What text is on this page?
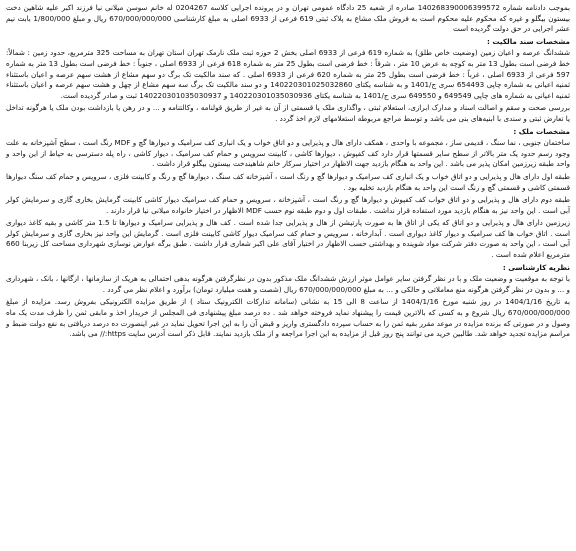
بموجب دادنامه شماره 140268390006399572 صادره از شعبه 25 دادگاه عمومی تهران و در پرونده اجرایی کلاسه 0204267 له خانم سوسن میلانی نیا فرزند اکبر علیه شاهین دخت بیستون بیگلو و غیره که محکوم علیه محکوم است به فروش ملک مشاع به پلاک ثبتی 619 فرعی از 6933 اصلی به مبلغ کارشناسی 670/000/000/000 ریال و مبلغ 1/800/000 بابت نیم عشر اجرایی در حق دولت گردیده است

مشخصات سند مالکیت :

ششدانگ عرصه و اعیان زمین (وضعیت خاص طلق) به شماره 619 فرعی از 6933 اصلی بخش 2 حوزه ثبت ملک نارمک تهران استان تهران به مساحت 325 مترمربع، حدود زمین : شمالاً: خط فرضی است بطول 13 متر به کوچه به عرض 10 متر ، شرقاً : خط فرضی است بطول 25 متر به شماره 618 فرعی از 6933 اصلی ، جنوباً : خط فرضی است بطول 13 متر به شماره 597 فرعی از 6933 اصلی ، غرباً : خط فرضی است بطول 25 متر به شماره 620 فرعی از 6933 اصلی . که سند مالکیت تک برگ دو سهم مشاع از هشت سهم عرصه و اعیان باستثناء ثمنیه اعیانی به شماره چاپی 654493 سری ج/1401 و به شناسه یکتای 140220301025032860 و دو سند مالکیت تک برگ سه سهم مشاع از چهل و هشت سهم عرصه و اعیان باستثناء ثمنیه اعیانی به شماره های چاپی 649549 و 649550 سری ج/1401 به شناسه یکتای 140220301035030936 و 140220301035030937 ثبت و صادر گردیده است.

بررسی صحت و سقم و اصالت اسناد و مدارک ابرازی، استعلام ثبتی ، واگذاری ملک یا قسمتی از آن به غیر از طریق قولنامه ، وکالتنامه و ... و در رهن یا بازداشت بودن ملک یا هرگونه تداخل یا تعارض ثبتی و سندی با ابنیه‌های بنی می باشد و توسط مراجع مربوطه استعلامهای لازم اخذ گردد .

مشخصات ملک :

ساختمان جنوبی ، نما سنگ ، قدیمی ساز ، مجموعه با واحدی ، همکف دارای هال و پذیرایی و دو اتاق خواب و یک انباری کف سرامیک و دیوارها گچ و MDF رنگ است ، سطح آشپزخانه به علت وجود رسم حدود یک متر بالاتر از سطح سایر قسمتها قرار دارد کف کفپوش ، دیوارها کاشی ، کابینت سرویس و حمام کف سرامیک ، دیوار کاشی ، راه پله دسترسی به حیاط از این واحد و واحد طبقه زیرزمین امکان پذیر می باشد . این واحد به هنگام بازدید جهت الاظهار در اختیار سرکار خانم شاهیندخت بیستون بیگلو قرار داشت .

طبقه اول دارای هال و پذیرایی و دو اتاق خواب و یک انباری کف سرامیک و دیوارها گچ و رنگ است ، آشپزخانه کف سنگ ، دیوارها گچ و رنگ و کابینت فلزی ، سرویس و حمام کف سنگ دیوارها قسمتی کاشی و قسمتی گچ و رنگ است این واحد به هنگام بازدید تخلیه بود .

طبقه دوم دارای هال و پذیرایی و دو اتاق خواب کف کفپوش و دیوارها گچ و رنگ است ، آشپزخانه ، سرویس و حمام کف سرامیک دیوار کاشی کابینت گرمایش بخاری گازی و سرمایش کولر آبی است . این واحد نیز به هنگام بازدید مورد استفاده قرار نداشت . طبقات اول و دوم طبقه نوم حسب MDF الاظهار در اختیار خانواده میلانی نیا قرار دارند .

زیرزمین دارای هال و پذیرایی و دو اتاق که یکی از اتاق ها به صورت پارتیشن از هال و پذیرایی جدا شده است . کف هال و پذیرایی سرامیک و دیوارها تا 1.5 متر کاشی و بقیه کاغذ دیواری است . اتاق خواب ها کف سرامیک و دیوار کاغذ دیواری است . آبدارخانه ، سرویس و حمام کف سرامیک دیوار کاشی کابینت فلزی است . گرمایش این واحد نیز بخاری گازی و سرمایش کولر آبی است ، این واحد به صورت دفتر شرکت مواد شوینده و بهداشتی حسب الاظهار در اختیار آقای علی اکبر شعاری قرار داشت . طبق برگه عوارض نوسازی شهرداری مساحت کل زیربنا 660 مترمربع اعلام شده است .

نظریه کارشناسی :

با توجه به موقعیت و وضعیت ملک و با در نظر گرفتن سایر عوامل موثر ارزش ششدانگ ملک مذکور بدون در نظرگرفتن هرگونه بدهی احتمالی به هریک از سازمانها ، ارگانها ، بانک ، شهرداری و ... و بدون در نظر گرفتن هرگونه منع معاملاتی و حالکی و ... به مبلغ 670/000/000/000 ریال (شصت و هفت میلیارد تومان) برآورد و اعلام نظر می گردد .

به تاریخ 1404/1/16 در روز شنبه مورخ 1404/1/16 از ساعت 8 الی 15 به نشانی (سامانه تدارکات الکترونیک ستاد ) از طریق مزایده الکترونیکی بفروش رسد. مزایده از مبلغ 670/000/000/000 ریال شروع و به کسی که بالاترین قیمت را پیشنهاد نماید فروخته خواهد شد . ده درصد مبلغ پیشنهادی فی المجلس از خریدار اخذ و مابقی ثمن را ظرف مدت یک ماه وصول و در صورتی که برنده مزایده در موعد مقرر بقیه ثمن را به حساب سپرده دادگستری واریز و قبض آن را به این اجرا تحویل نماید در غیر اینصورت ده درصد دریافتی به نفع دولت ضبط و مراسم مزایده تجدید خواهد شد. طالبین خرید می توانند پنج روز قبل از مزایده به این اجرا مراجعه و از ملک بازدید نمایند. قابل ذکر است آدرس سایت https:// می باشد.
